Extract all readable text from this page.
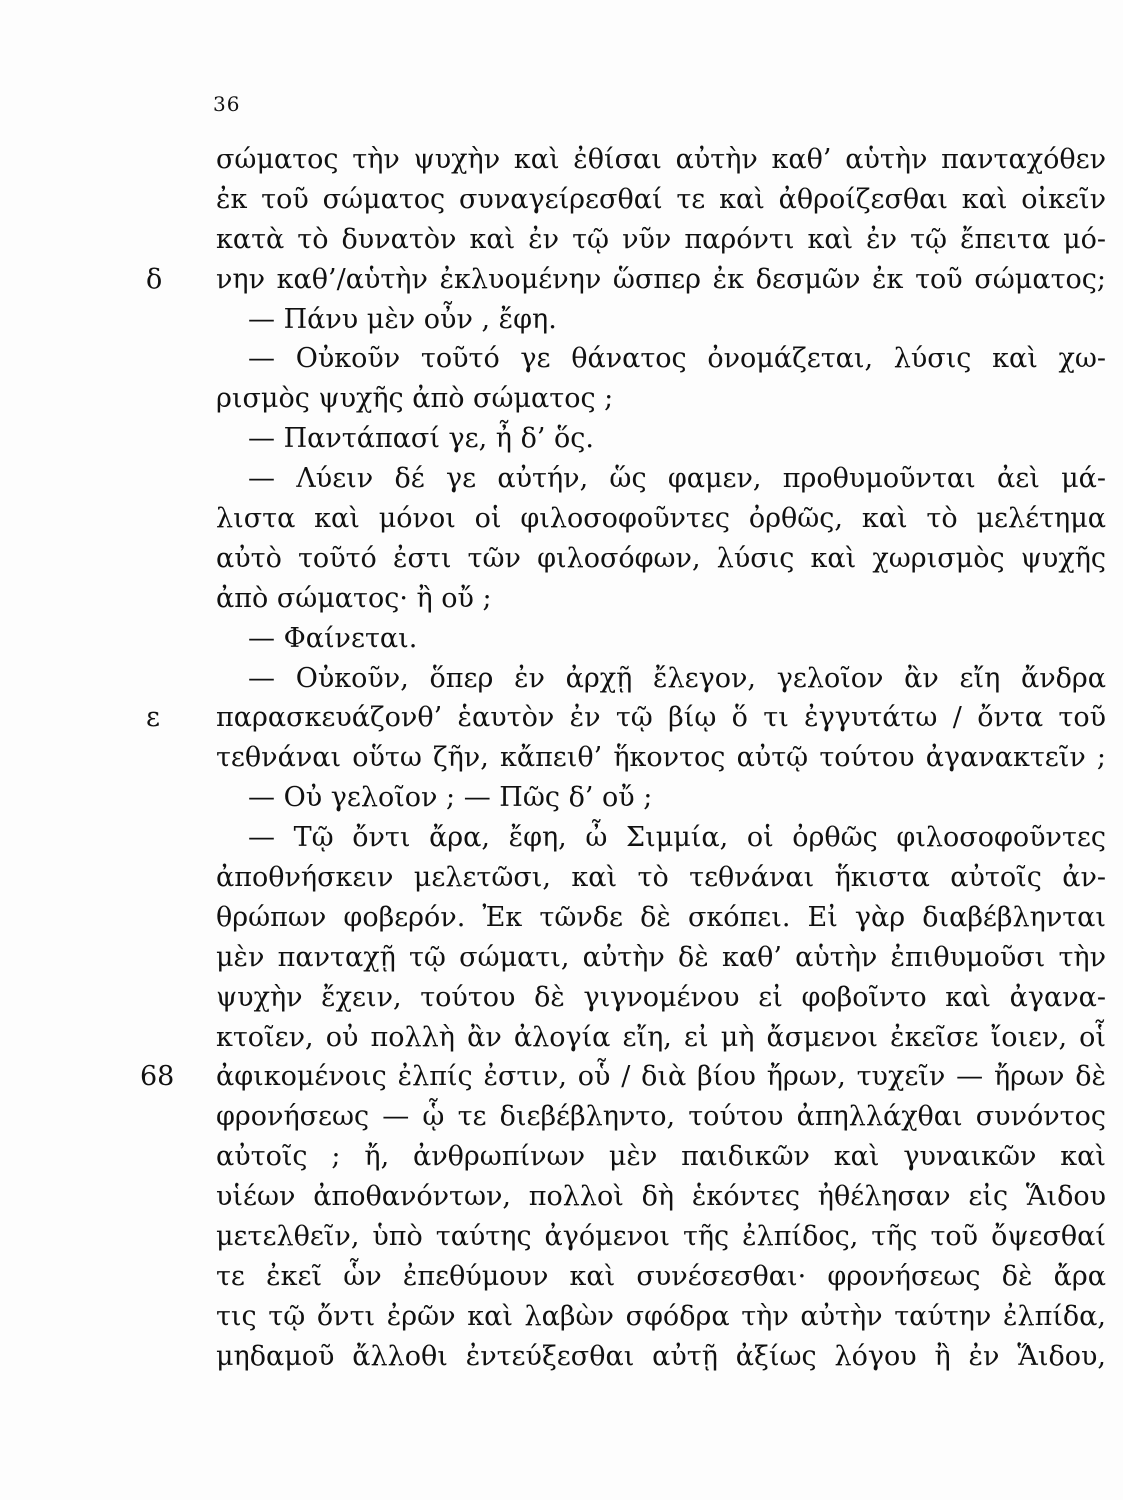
36
σώματος τὴν ψυχὴν καὶ ἐθίσαι αὐτὴν καθ’ αὑτὴν πανταχόθεν
ἐκ τοῦ σώματος συναγείρεσθαί τε καὶ ἀθροίζεσθαι καὶ οἰκεῖν
κατὰ τὸ δυνατὸν καὶ ἐν τῷ νῦν παρόντι καὶ ἐν τῷ ἔπειτα μό-
δ νην καθ’/αὑτὴν ἐκλυομένην ὥσπερ ἐκ δεσμῶν ἐκ τοῦ σώματος;
— Πάνυ μὲν οὖν , ἔφη.
— Οὐκοῦν τοῦτό γε θάνατος ὀνομάζεται, λύσις καὶ χω-
ρισμὸς ψυχῆς ἀπὸ σώματος ;
— Παντάπασί γε, ἦ δ’ ὅς.
— Λύειν δέ γε αὐτήν, ὥς φαμεν, προθυμοῦνται ἀεὶ μά-
λιστα καὶ μόνοι οἱ φιλοσοφοῦντες ὀρθῶς, καὶ τὸ μελέτημα
αὐτὸ τοῦτό ἐστι τῶν φιλοσόφων, λύσις καὶ χωρισμὸς ψυχῆς
ἀπὸ σώματος· ἢ οὔ ;
— Φαίνεται.
— Οὐκοῦν, ὅπερ ἐν ἀρχῇ ἔλεγον, γελοῖον ἂν εἴη ἄνδρα
ε παρασκευάζονθ’ ἑαυτὸν ἐν τῷ βίῳ ὅ τι ἐγγυτάτω / ὄντα τοῦ
τεθνάναι οὕτω ζῆν, κἄπειθ’ ἥκοντος αὐτῷ τούτου ἀγανακτεῖν ;
— Οὐ γελοῖον ; — Πῶς δ’ οὔ ;
— Τῷ ὄντι ἄρα, ἔφη, ὦ Σιμμία, οἱ ὀρθῶς φιλοσοφοῦντες
ἀποθνήσκειν μελετῶσι, καὶ τὸ τεθνάναι ἥκιστα αὐτοῖς ἀν-
θρώπων φοβερόν. Ἐκ τῶνδε δὲ σκόπει. Εἰ γὰρ διαβέβληνται
μὲν πανταχῇ τῷ σώματι, αὐτὴν δὲ καθ’ αὑτὴν ἐπιθυμοῦσι τὴν
ψυχὴν ἔχειν, τούτου δὲ γιγνομένου εἰ φοβοῖντο καὶ ἀγανα-
κτοῖεν, οὐ πολλὴ ἂν ἀλογία εἴη, εἰ μὴ ἄσμενοι ἐκεῖσε ἴοιεν, οἷ
68 ἀφικομένοις ἐλπίς ἐστιν, οὗ / διὰ βίου ἤρων, τυχεῖν — ἤρων δὲ
φρονήσεως — ᾧ τε διεβέβληντο, τούτου ἀπηλλάχθαι συνόντος
αὐτοῖς ; ἤ, ἀνθρωπίνων μὲν παιδικῶν καὶ γυναικῶν καὶ
υἱέων ἀποθανόντων, πολλοὶ δὴ ἑκόντες ἠθέλησαν εἰς Ἅιδου
μετελθεῖν, ὑπὸ ταύτης ἀγόμενοι τῆς ἐλπίδος, τῆς τοῦ ὄψεσθαί
τε ἐκεῖ ὧν ἐπεθύμουν καὶ συνέσεσθαι· φρονήσεως δὲ ἄρα
τις τῷ ὄντι ἐρῶν καὶ λαβὼν σφόδρα τὴν αὐτὴν ταύτην ἐλπίδα,
μηδαμοῦ ἄλλοθι ἐντεύξεσθαι αὐτῇ ἀξίως λόγου ἢ ἐν Ἅιδου,
